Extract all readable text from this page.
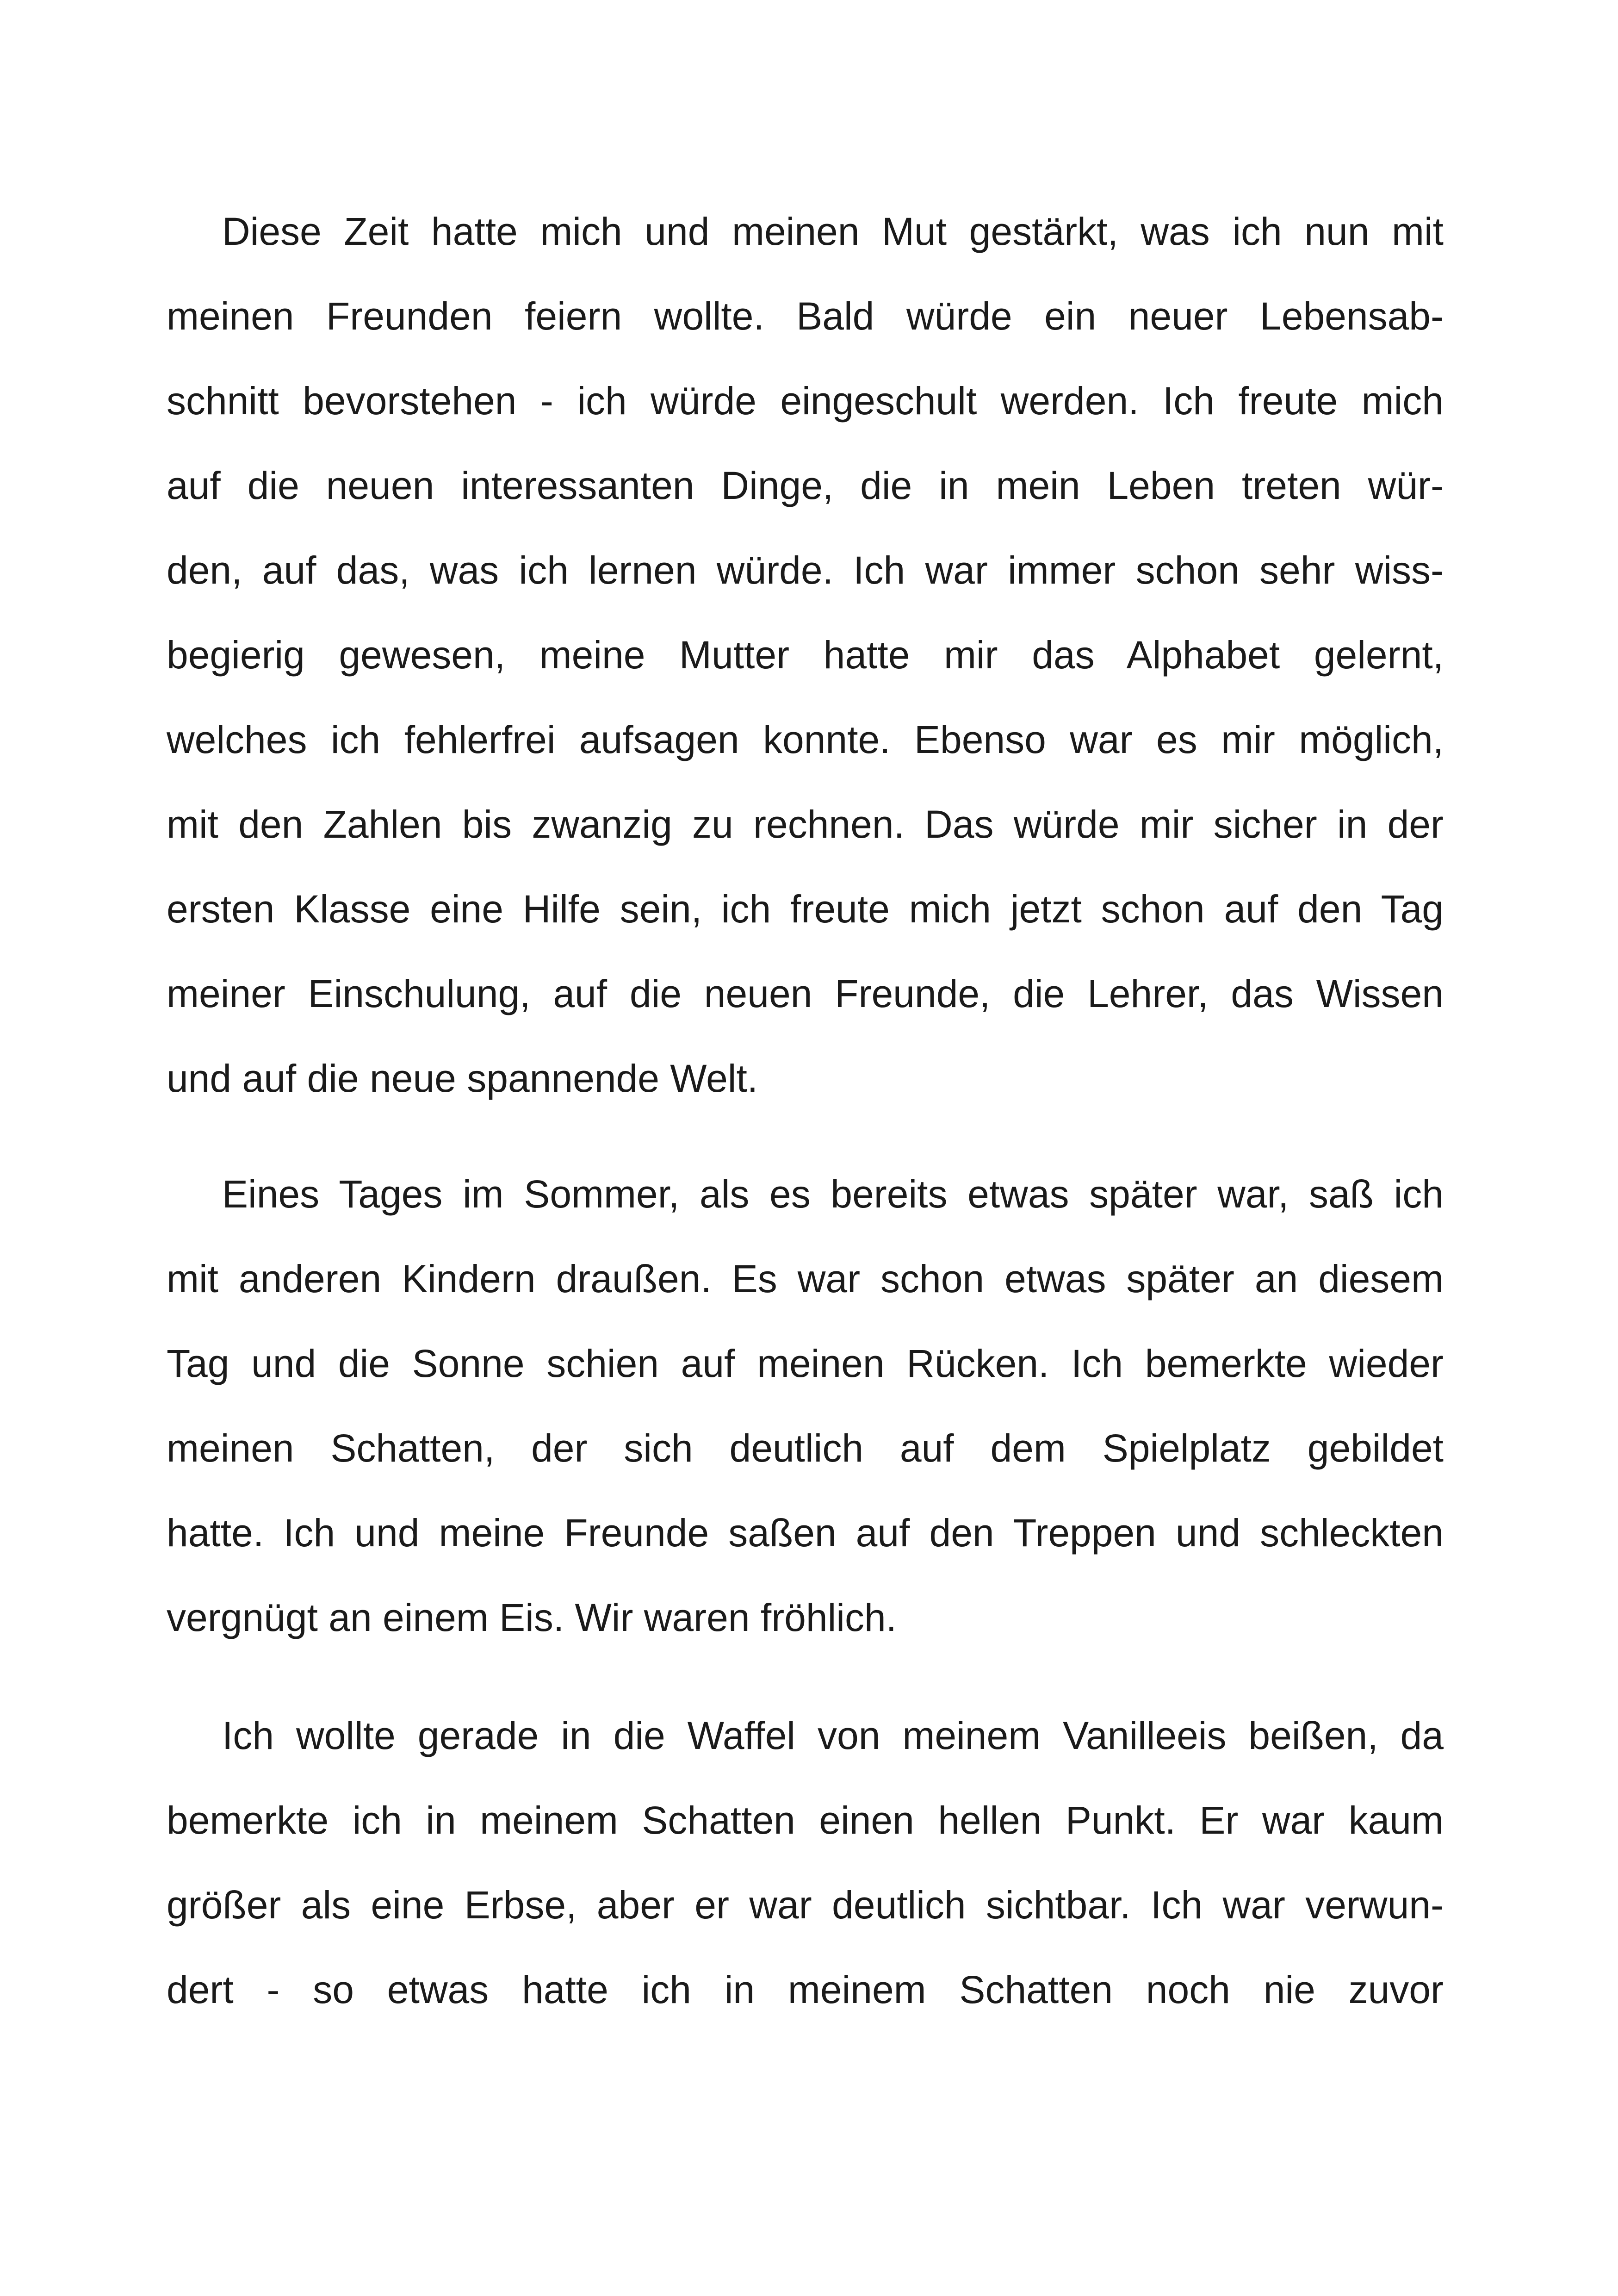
Diese Zeit hatte mich und meinen Mut gestärkt, was ich nun mit
meinen Freunden feiern wollte. Bald würde ein neuer Lebensab-
schnitt bevorstehen - ich würde eingeschult werden. Ich freute mich
auf die neuen interessanten Dinge, die in mein Leben treten wür-
den, auf das, was ich lernen würde. Ich war immer schon sehr wiss-
begierig gewesen, meine Mutter hatte mir das Alphabet gelernt,
welches ich fehlerfrei aufsagen konnte. Ebenso war es mir möglich,
mit den Zahlen bis zwanzig zu rechnen. Das würde mir sicher in der
ersten Klasse eine Hilfe sein, ich freute mich jetzt schon auf den Tag
meiner Einschulung, auf die neuen Freunde, die Lehrer, das Wissen
und auf die neue spannende Welt.
Eines Tages im Sommer, als es bereits etwas später war, saß ich
mit anderen Kindern draußen. Es war schon etwas später an diesem
Tag und die Sonne schien auf meinen Rücken. Ich bemerkte wieder
meinen Schatten, der sich deutlich auf dem Spielplatz gebildet
hatte. Ich und meine Freunde saßen auf den Treppen und schleckten
vergnügt an einem Eis. Wir waren fröhlich.
Ich wollte gerade in die Waffel von meinem Vanilleeis beißen, da
bemerkte ich in meinem Schatten einen hellen Punkt. Er war kaum
größer als eine Erbse, aber er war deutlich sichtbar. Ich war verwun-
dert - so etwas hatte ich in meinem Schatten noch nie zuvor
